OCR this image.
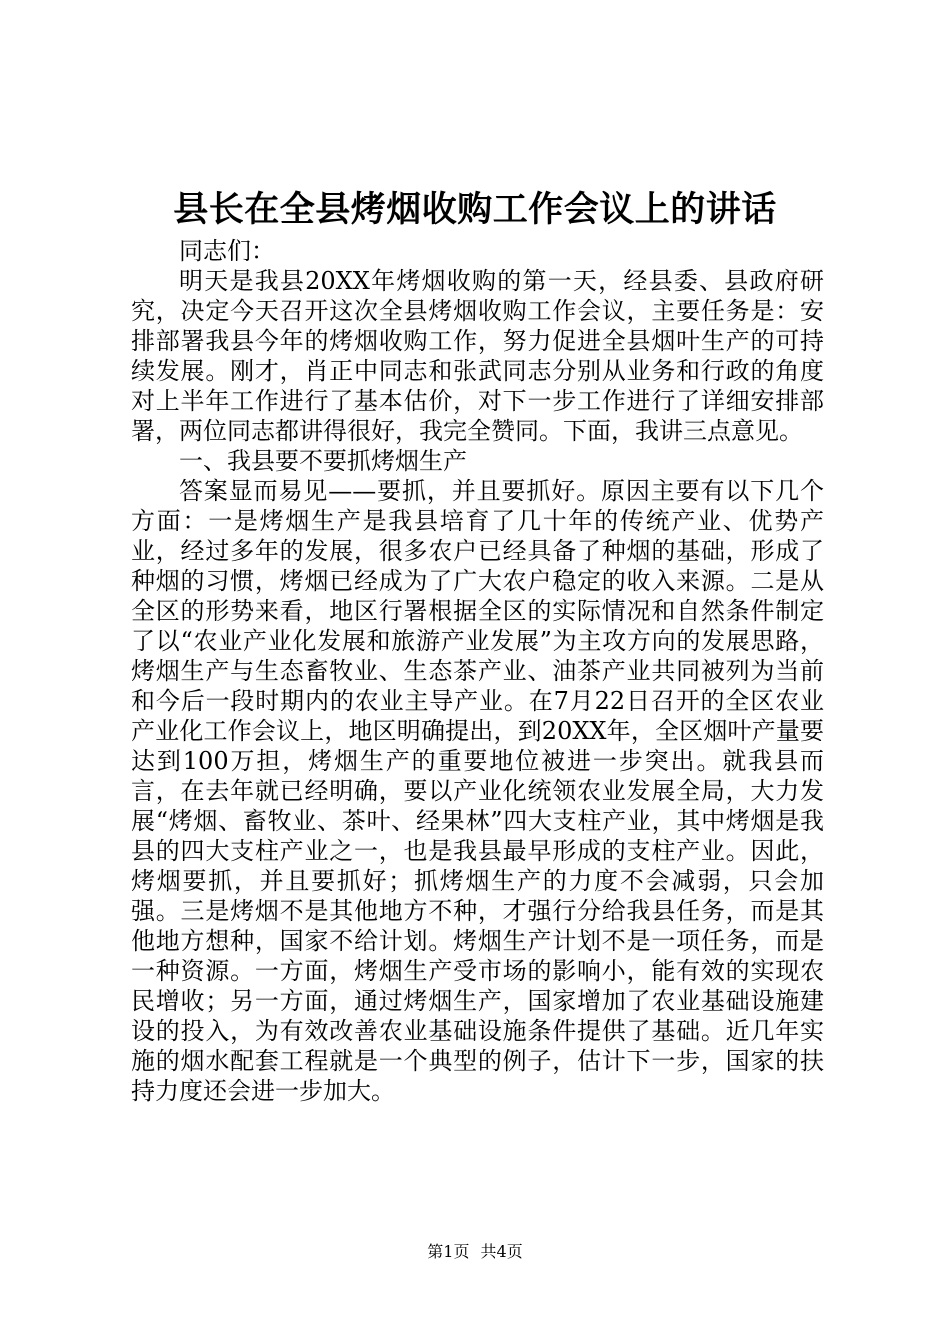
县长在全县烤烟收购工作会议上的讲话

同志们：

明天是我县20XX年烤烟收购的第一天，经县委、县政府研究，决定今天召开这次全县烤烟收购工作会议，主要任务是：安排部署我县今年的烤烟收购工作，努力促进全县烟叶生产的可持续发展。刚才，肖正中同志和张武同志分别从业务和行政的角度对上半年工作进行了基本估价，对下一步工作进行了详细安排部署，两位同志都讲得很好，我完全赞同。下面，我讲三点意见。

一、我县要不要抓烤烟生产

答案显而易见——要抓，并且要抓好。原因主要有以下几个方面：一是烤烟生产是我县培育了几十年的传统产业、优势产业，经过多年的发展，很多农户已经具备了种烟的基础，形成了种烟的习惯，烤烟已经成为了广大农户稳定的收入来源。二是从全区的形势来看，地区行署根据全区的实际情况和自然条件制定了以“农业产业化发展和旅游产业发展”为主攻方向的发展思路，烤烟生产与生态畜牧业、生态茶产业、油茶产业共同被列为当前和今后一段时期内的农业主导产业。在7月22日召开的全区农业产业化工作会议上，地区明确提出，到20XX年，全区烟叶产量要达到100万担，烤烟生产的重要地位被进一步突出。就我县而言，在去年就已经明确，要以产业化统领农业发展全局，大力发展“烤烟、畜牧业、茶叶、经果林”四大支柱产业，其中烤烟是我县的四大支柱产业之一，也是我县最早形成的支柱产业。因此，烤烟要抓，并且要抓好；抓烤烟生产的力度不会减弱，只会加强。三是烤烟不是其他地方不种，才强行分给我县任务，而是其他地方想种，国家不给计划。烤烟生产计划不是一项任务，而是一种资源。一方面，烤烟生产受市场的影响小，能有效的实现农民增收；另一方面，通过烤烟生产，国家增加了农业基础设施建设的投入，为有效改善农业基础设施条件提供了基础。近几年实施的烟水配套工程就是一个典型的例子，估计下一步，国家的扶持力度还会进一步加大。

第1页 共4页
